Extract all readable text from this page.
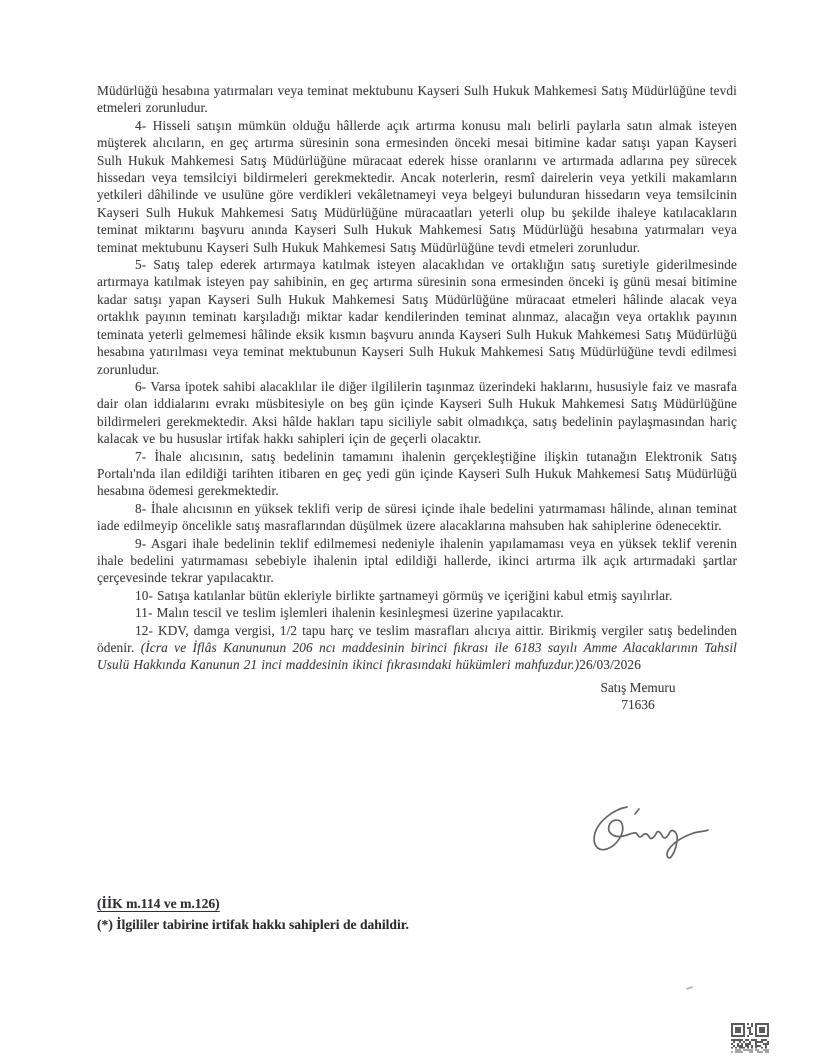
Müdürlüğü hesabına yatırmaları veya teminat mektubunu Kayseri Sulh Hukuk Mahkemesi Satış Müdürlüğüne tevdi etmeleri zorunludur.

4- Hisseli satışın mümkün olduğu hâllerde açık artırma konusu malı belirli paylarla satın almak isteyen müşterek alıcıların, en geç artırma süresinin sona ermesinden önceki mesai bitimine kadar satışı yapan Kayseri Sulh Hukuk Mahkemesi Satış Müdürlüğüne müracaat ederek hisse oranlarını ve artırmada adlarına pey sürecek hissedarı veya temsilciyi bildirmeleri gerekmektedir. Ancak noterlerin, resmî dairelerin veya yetkili makamların yetkileri dâhilinde ve usulüne göre verdikleri vekâletnameyi veya belgeyi bulunduran hissedarın veya temsilcinin Kayseri Sulh Hukuk Mahkemesi Satış Müdürlüğüne müracaatları yeterli olup bu şekilde ihaleye katılacakların teminat miktarını başvuru anında Kayseri Sulh Hukuk Mahkemesi Satış Müdürlüğü hesabına yatırmaları veya teminat mektubunu Kayseri Sulh Hukuk Mahkemesi Satış Müdürlüğüne tevdi etmeleri zorunludur.

5- Satış talep ederek artırmaya katılmak isteyen alacaklıdan ve ortaklığın satış suretiyle giderilmesinde artırmaya katılmak isteyen pay sahibinin, en geç artırma süresinin sona ermesinden önceki iş günü mesai bitimine kadar satışı yapan Kayseri Sulh Hukuk Mahkemesi Satış Müdürlüğüne müracaat etmeleri hâlinde alacak veya ortaklık payının teminatı karşıladığı miktar kadar kendilerinden teminat alınmaz, alacağın veya ortaklık payının teminata yeterli gelmemesi hâlinde eksik kısmın başvuru anında Kayseri Sulh Hukuk Mahkemesi Satış Müdürlüğü hesabına yatırılması veya teminat mektubunun Kayseri Sulh Hukuk Mahkemesi Satış Müdürlüğüne tevdi edilmesi zorunludur.

6- Varsa ipotek sahibi alacaklılar ile diğer ilgililerin taşınmaz üzerindeki haklarını, hususiyle faiz ve masrafa dair olan iddialarını evrakı müsbitesiyle on beş gün içinde Kayseri Sulh Hukuk Mahkemesi Satış Müdürlüğüne bildirmeleri gerekmektedir. Aksi hâlde hakları tapu siciliyle sabit olmadıkça, satış bedelinin paylaşmasından hariç kalacak ve bu hususlar irtifak hakkı sahipleri için de geçerli olacaktır.

7- İhale alıcısının, satış bedelinin tamamını ihalenin gerçekleştiğine ilişkin tutanağın Elektronik Satış Portalı'nda ilan edildiği tarihten itibaren en geç yedi gün içinde Kayseri Sulh Hukuk Mahkemesi Satış Müdürlüğü hesabına ödemesi gerekmektedir.

8- İhale alıcısının en yüksek teklifi verip de süresi içinde ihale bedelini yatırmaması hâlinde, alınan teminat iade edilmeyip öncelikle satış masraflarından düşülmek üzere alacaklarına mahsuben hak sahiplerine ödenecektir.

9- Asgari ihale bedelinin teklif edilmemesi nedeniyle ihalenin yapılamaması veya en yüksek teklif verenin ihale bedelini yatırmaması sebebiyle ihalenin iptal edildiği hallerde, ikinci artırma ilk açık artırmadaki şartlar çerçevesinde tekrar yapılacaktır.

10- Satışa katılanlar bütün ekleriyle birlikte şartnameyi görmüş ve içeriğini kabul etmiş sayılırlar.

11- Malın tescil ve teslim işlemleri ihalenin kesinleşmesi üzerine yapılacaktır.

12- KDV, damga vergisi, 1/2 tapu harç ve teslim masrafları alıcıya aittir. Birikmiş vergiler satış bedelinden ödenir. (İcra ve İflâs Kanununun 206 ncı maddesinin birinci fıkrası ile 6183 sayılı Amme Alacaklarının Tahsil Usulü Hakkında Kanunun 21 inci maddesinin ikinci fıkrasındaki hükümleri mahfuzdur.)26/03/2026

Satış Memuru
71636
(İİK m.114 ve m.126)
(*) İlgililer tabirine irtifak hakkı sahipleri de dahildir.
